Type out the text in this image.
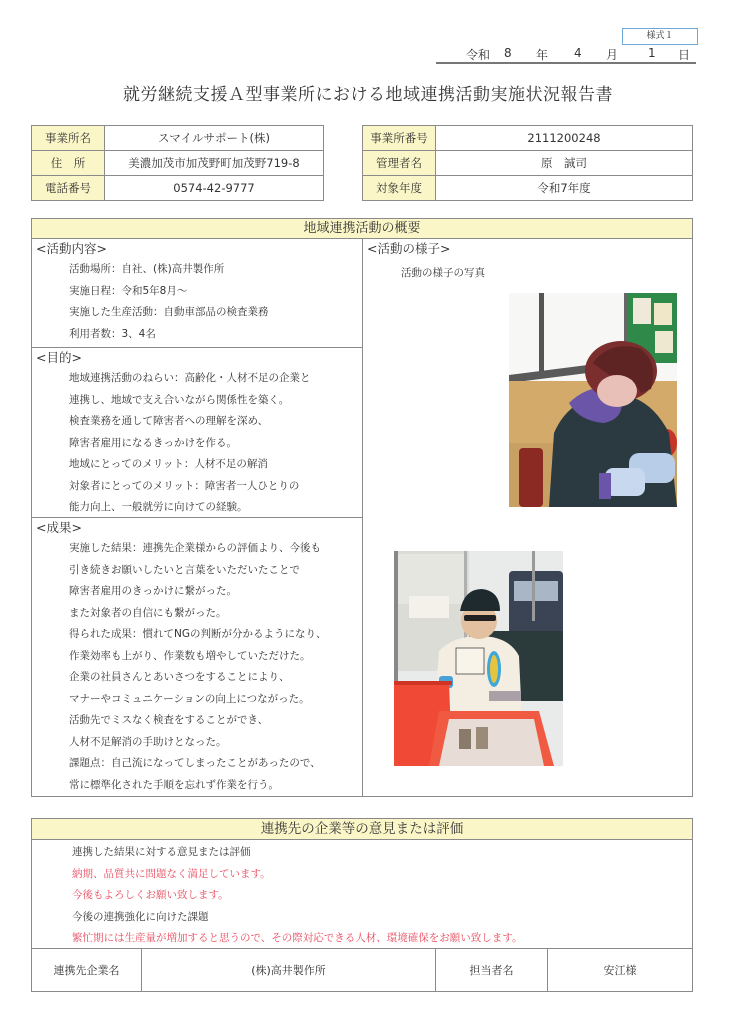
様式１
令和 8 年 4 月 1 日
就労継続支援Ａ型事業所における地域連携活動実施状況報告書
事業所名	スマイルサポート(株)
住　所	美濃加茂市加茂野町加茂野719-8
電話番号	0574-42-9777
事業所番号	2111200248
管理者名	原　誠司
対象年度	令和7年度
地域連携活動の概要
<活動内容>
活動場所：自社、(株)高井製作所
実施日程：令和5年8月～
実施した生産活動：自動車部品の検査業務
利用者数：3、4名
<目的>
地域連携活動のねらい：高齢化・人材不足の企業と
連携し、地域で支え合いながら関係性を築く。
検査業務を通して障害者への理解を深め、
障害者雇用になるきっかけを作る。
地域にとってのメリット：人材不足の解消
対象者にとってのメリット：障害者一人ひとりの
能力向上、一般就労に向けての経験。
<成果>
実施した結果：連携先企業様からの評価より、今後も
引き続きお願いしたいと言葉をいただいたことで
障害者雇用のきっかけに繋がった。
また対象者の自信にも繋がった。
得られた成果：慣れてNGの判断が分かるようになり、
作業効率も上がり、作業数も増やしていただけた。
企業の社員さんとあいさつをすることにより、
マナーやコミュニケーションの向上につながった。
活動先でミスなく検査をすることができ、
人材不足解消の手助けとなった。
課題点：自己流になってしまったことがあったので、
常に標準化された手順を忘れず作業を行う。
<活動の様子>
活動の様子の写真
連携先の企業等の意見または評価
連携した結果に対する意見または評価
納期、品質共に問題なく満足しています。
今後もよろしくお願い致します。
今後の連携強化に向けた課題
繁忙期には生産量が増加すると思うので、その際対応できる人材、環境確保をお願い致します。
連携先企業名	(株)高井製作所	担当者名	安江様
